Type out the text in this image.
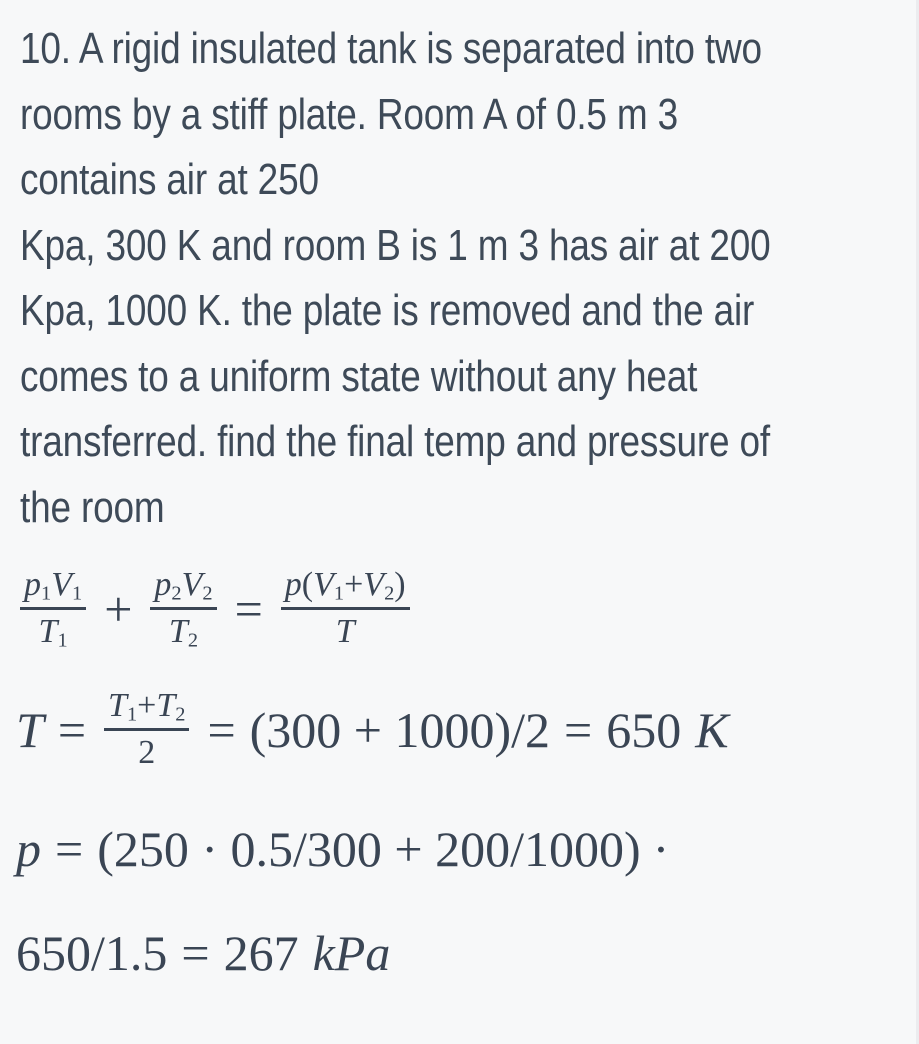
10. A rigid insulated tank is separated into two
rooms by a stiff plate. Room A of 0.5 m 3
contains air at 250
Kpa, 300 K and room B is 1 m 3 has air at 200
Kpa, 1000 K. the plate is removed and the air
comes to a uniform state without any heat
transferred. find the final temp and pressure of
the room
$\frac{p_1V_1}{T_1} + \frac{p_2V_2}{T_2} = \frac{p(V_1+V_2)}{T}$
$T = \frac{T_1+T_2}{2} = (300 + 1000)/2 = 650$ K
p = (250 · 0.5/300 + 200/1000) ·
650/1.5 = 267 kPa
